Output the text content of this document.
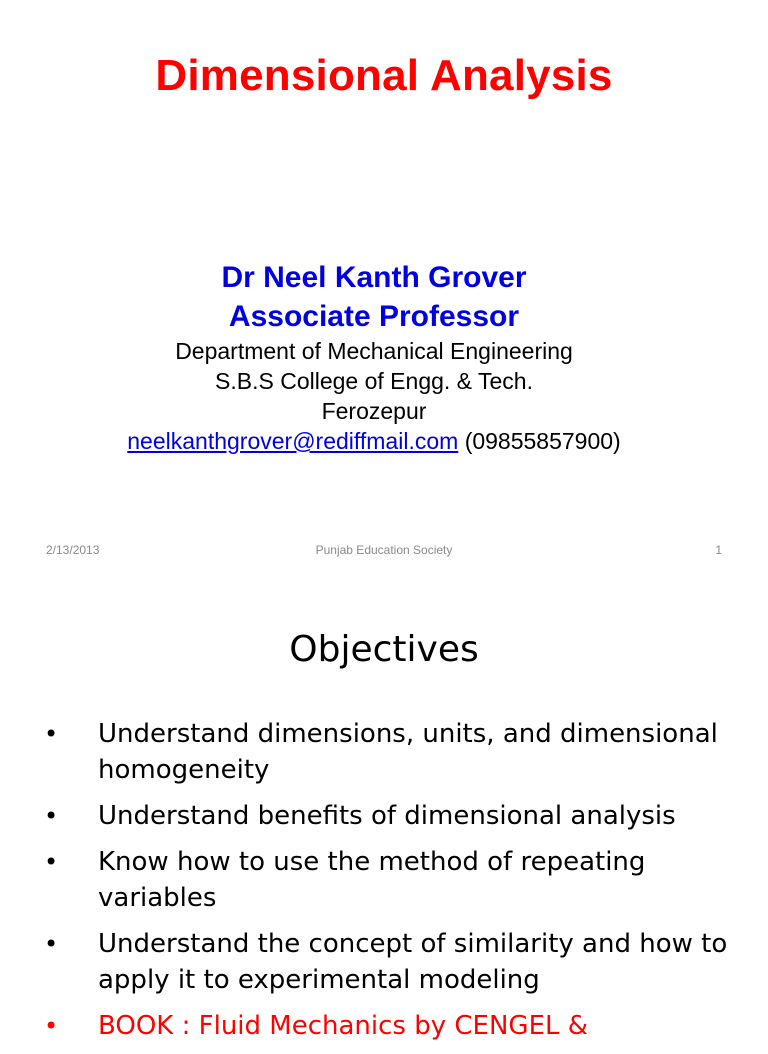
Dimensional Analysis
Dr Neel Kanth Grover
Associate Professor
Department of Mechanical Engineering
S.B.S College of Engg. & Tech.
Ferozepur
neelkanthgrover@rediffmail.com (09855857900)
2/13/2013	Punjab Education Society	1
Objectives
• Understand dimensions, units, and dimensional homogeneity
• Understand benefits of dimensional analysis
• Know how to use the method of repeating variables
• Understand the concept of similarity and how to apply it to experimental modeling
• BOOK : Fluid Mechanics by CENGEL &
